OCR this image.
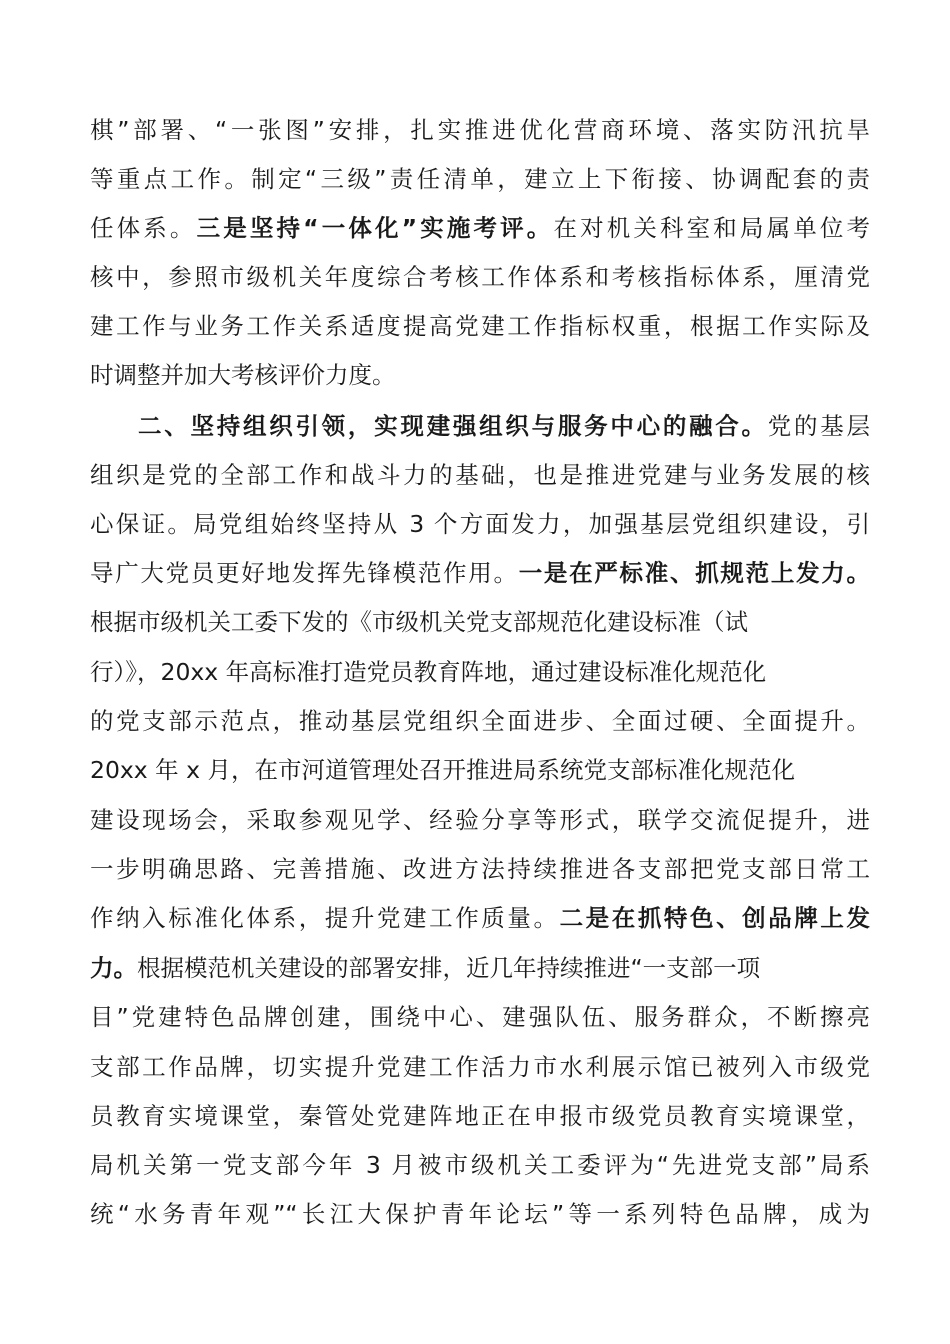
棋”部署、“一张图”安排，扎实推进优化营商环境、落实防汛抗旱
等重点工作。制定“三级”责任清单，建立上下衔接、协调配套的责
任体系。三是坚持“一体化”实施考评。在对机关科室和局属单位考
核中，参照市级机关年度综合考核工作体系和考核指标体系，厘清党
建工作与业务工作关系适度提高党建工作指标权重，根据工作实际及
时调整并加大考核评价力度。
二、坚持组织引领，实现建强组织与服务中心的融合。党的基层
组织是党的全部工作和战斗力的基础，也是推进党建与业务发展的核
心保证。局党组始终坚持从 3 个方面发力，加强基层党组织建设，引
导广大党员更好地发挥先锋模范作用。一是在严标准、抓规范上发力。
根据市级机关工委下发的《市级机关党支部规范化建设标准（试
行）》，20xx 年高标准打造党员教育阵地，通过建设标准化规范化
的党支部示范点，推动基层党组织全面进步、全面过硬、全面提升。
20xx 年 x 月，在市河道管理处召开推进局系统党支部标准化规范化
建设现场会，采取参观见学、经验分享等形式，联学交流促提升，进
一步明确思路、完善措施、改进方法持续推进各支部把党支部日常工
作纳入标准化体系，提升党建工作质量。二是在抓特色、创品牌上发
力。根据模范机关建设的部署安排，近几年持续推进“一支部一项
目”党建特色品牌创建，围绕中心、建强队伍、服务群众，不断擦亮
支部工作品牌，切实提升党建工作活力市水利展示馆已被列入市级党
员教育实境课堂，秦管处党建阵地正在申报市级党员教育实境课堂，
局机关第一党支部今年 3 月被市级机关工委评为“先进党支部”局系
统“水务青年观”“长江大保护青年论坛”等一系列特色品牌，成为
